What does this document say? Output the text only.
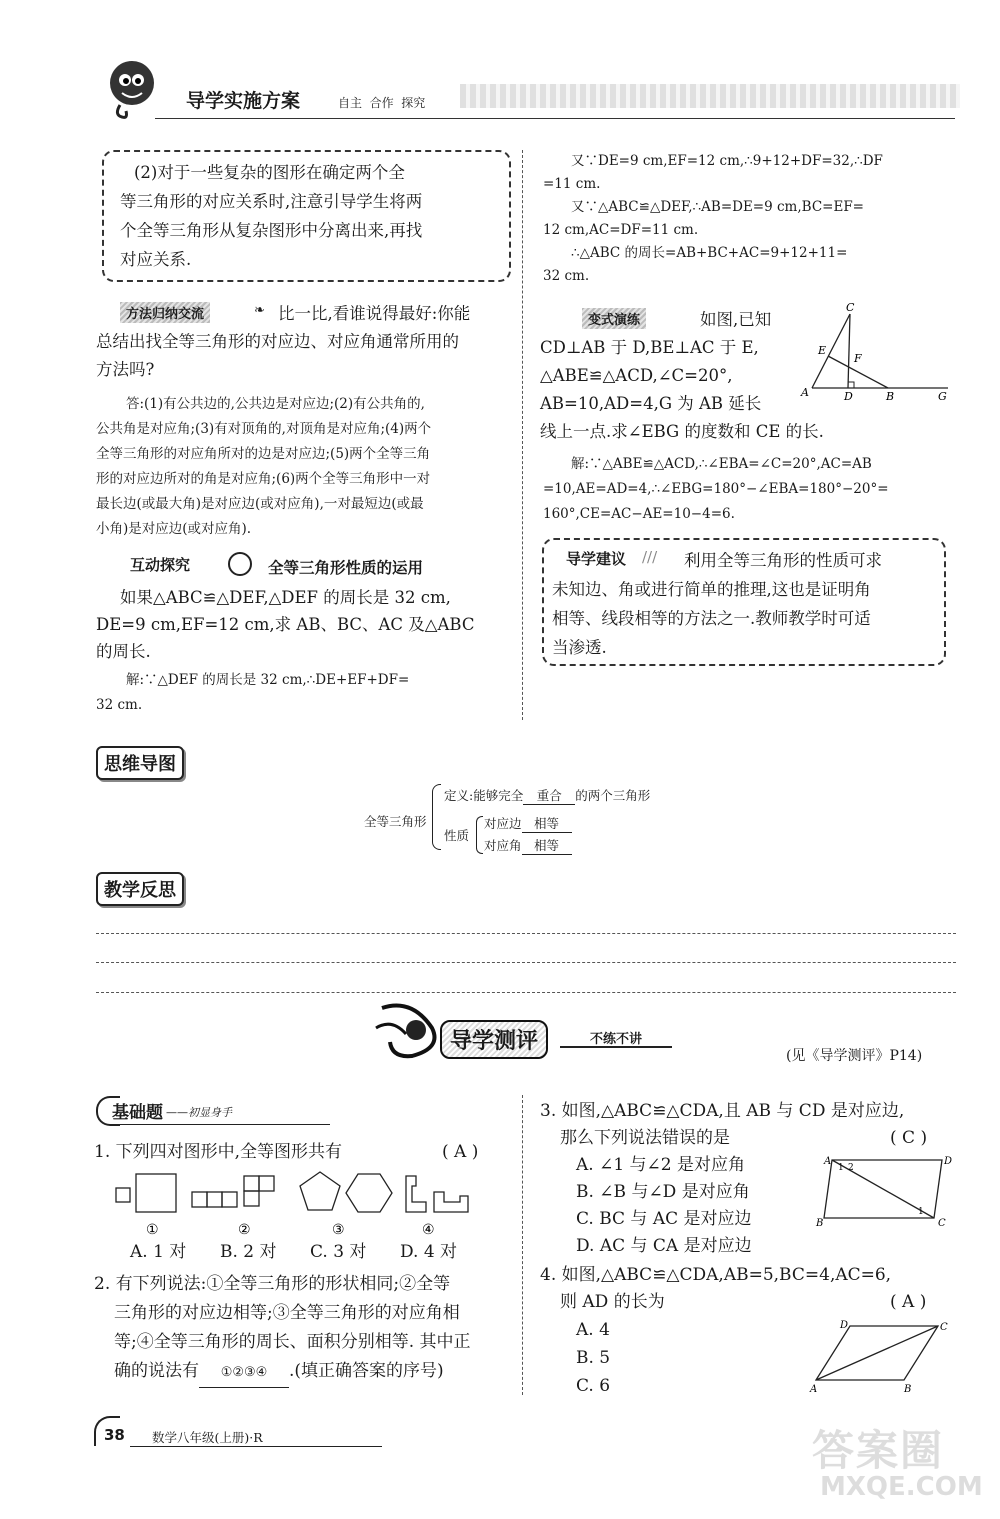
导学实施方案	自主  合作  探究
(2)对于一些复杂的图形在确定两个全
等三角形的对应关系时,注意引导学生将两
个全等三角形从复杂图形中分离出来,再找
对应关系.
方法归纳交流	❧ 比一比,看谁说得最好:你能
总结出找全等三角形的对应边、对应角通常所用的
方法吗?
答:(1)有公共边的,公共边是对应边;(2)有公共角的,
公共角是对应角;(3)有对顶角的,对顶角是对应角;(4)两个
全等三角形的对应角所对的边是对应边;(5)两个全等三角
形的对应边所对的角是对应角;(6)两个全等三角形中一对
最长边(或最大角)是对应边(或对应角),一对最短边(或最
小角)是对应边(或对应角).
互动探究	全等三角形性质的运用
如果△ABC≌△DEF,△DEF 的周长是 32 cm,
DE=9 cm,EF=12 cm,求 AB、BC、AC 及△ABC
的周长.
解:∵△DEF 的周长是 32 cm,∴DE+EF+DF=
32 cm.
又∵DE=9 cm,EF=12 cm,∴9+12+DF=32,∴DF
=11 cm.
又∵△ABC≌△DEF,∴AB=DE=9 cm,BC=EF=
12 cm,AC=DF=11 cm.
∴△ABC 的周长=AB+BC+AC=9+12+11=
32 cm.
变式演练	如图,已知
CD⊥AB 于 D,BE⊥AC 于 E,
△ABE≌△ACD,∠C=20°,
AB=10,AD=4,G 为 AB 延长
线上一点.求∠EBG 的度数和 CE 的长.
C
E
F
A	D	B	G
解:∵△ABE≌△ACD,∴∠EBA=∠C=20°,AC=AB
=10,AE=AD=4,∴∠EBG=180°−∠EBA=180°−20°=
160°,CE=AC−AE=10−4=6.
导学建议 ///	利用全等三角形的性质可求
未知边、角或进行简单的推理,这也是证明角
相等、线段相等的方法之一.教师教学时可适
当渗透.
思维导图
全等三角形
定义:能够完全 重合 的两个三角形
性质
对应边 相等
对应角 相等
教学反思
导学测评	不练不讲
(见《导学测评》P14)
基础题 ——初显身手
1. 下列四对图形中,全等图形共有	( A )
①	②	③	④
A. 1 对 B. 2 对 C. 3 对 D. 4 对
2. 有下列说法:①全等三角形的形状相同;②全等
三角形的对应边相等;③全等三角形的对应角相
等;④全等三角形的周长、面积分别相等. 其中正
确的说法有 ①②③④ .(填正确答案的序号)
3. 如图,△ABC≌△CDA,且 AB 与 CD 是对应边,
那么下列说法错误的是	( C )
A. ∠1 与∠2 是对应角
B. ∠B 与∠D 是对应角
C. BC 与 AC 是对应边
D. AC 与 CA 是对应边
A	D
B	C
1 2
1
4. 如图,△ABC≌△CDA,AB=5,BC=4,AC=6,
则 AD 的长为	( A )
A. 4
B. 5
C. 6
D	C
A	B
38 数学八年级(上册)·R	答案圈
MXQE.COM
